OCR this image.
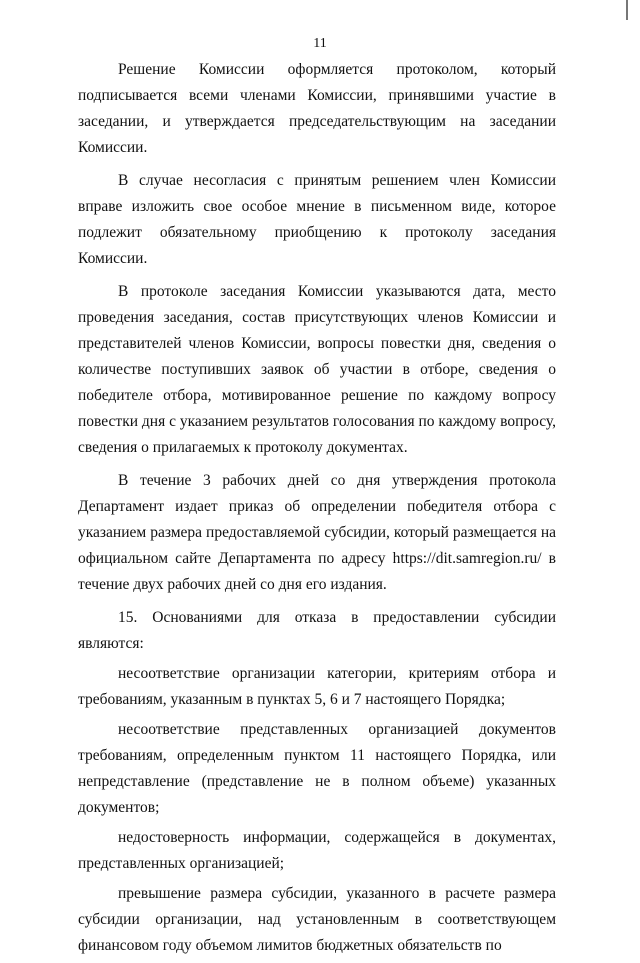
11

Решение Комиссии оформляется протоколом, который подписывается всеми членами Комиссии, принявшими участие в заседании, и утверждается председательствующим на заседании Комиссии.

В случае несогласия с принятым решением член Комиссии вправе изложить свое особое мнение в письменном виде, которое подлежит обязательному приобщению к протоколу заседания Комиссии.

В протоколе заседания Комиссии указываются дата, место проведения заседания, состав присутствующих членов Комиссии и представителей членов Комиссии, вопросы повестки дня, сведения о количестве поступивших заявок об участии в отборе, сведения о победителе отбора, мотивированное решение по каждому вопросу повестки дня с указанием результатов голосования по каждому вопросу, сведения о прилагаемых к протоколу документах.

В течение 3 рабочих дней со дня утверждения протокола Департамент издает приказ об определении победителя отбора с указанием размера предоставляемой субсидии, который размещается на официальном сайте Департамента по адресу https://dit.samregion.ru/ в течение двух рабочих дней со дня его издания.

15. Основаниями для отказа в предоставлении субсидии являются:

несоответствие организации категории, критериям отбора и требованиям, указанным в пунктах 5, 6 и 7 настоящего Порядка;

несоответствие представленных организацией документов требованиям, определенным пунктом 11 настоящего Порядка, или непредставление (представление не в полном объеме) указанных документов;

недостоверность информации, содержащейся в документах, представленных организацией;

превышение размера субсидии, указанного в расчете размера субсидии организации, над установленным в соответствующем финансовом году объемом лимитов бюджетных обязательств по
